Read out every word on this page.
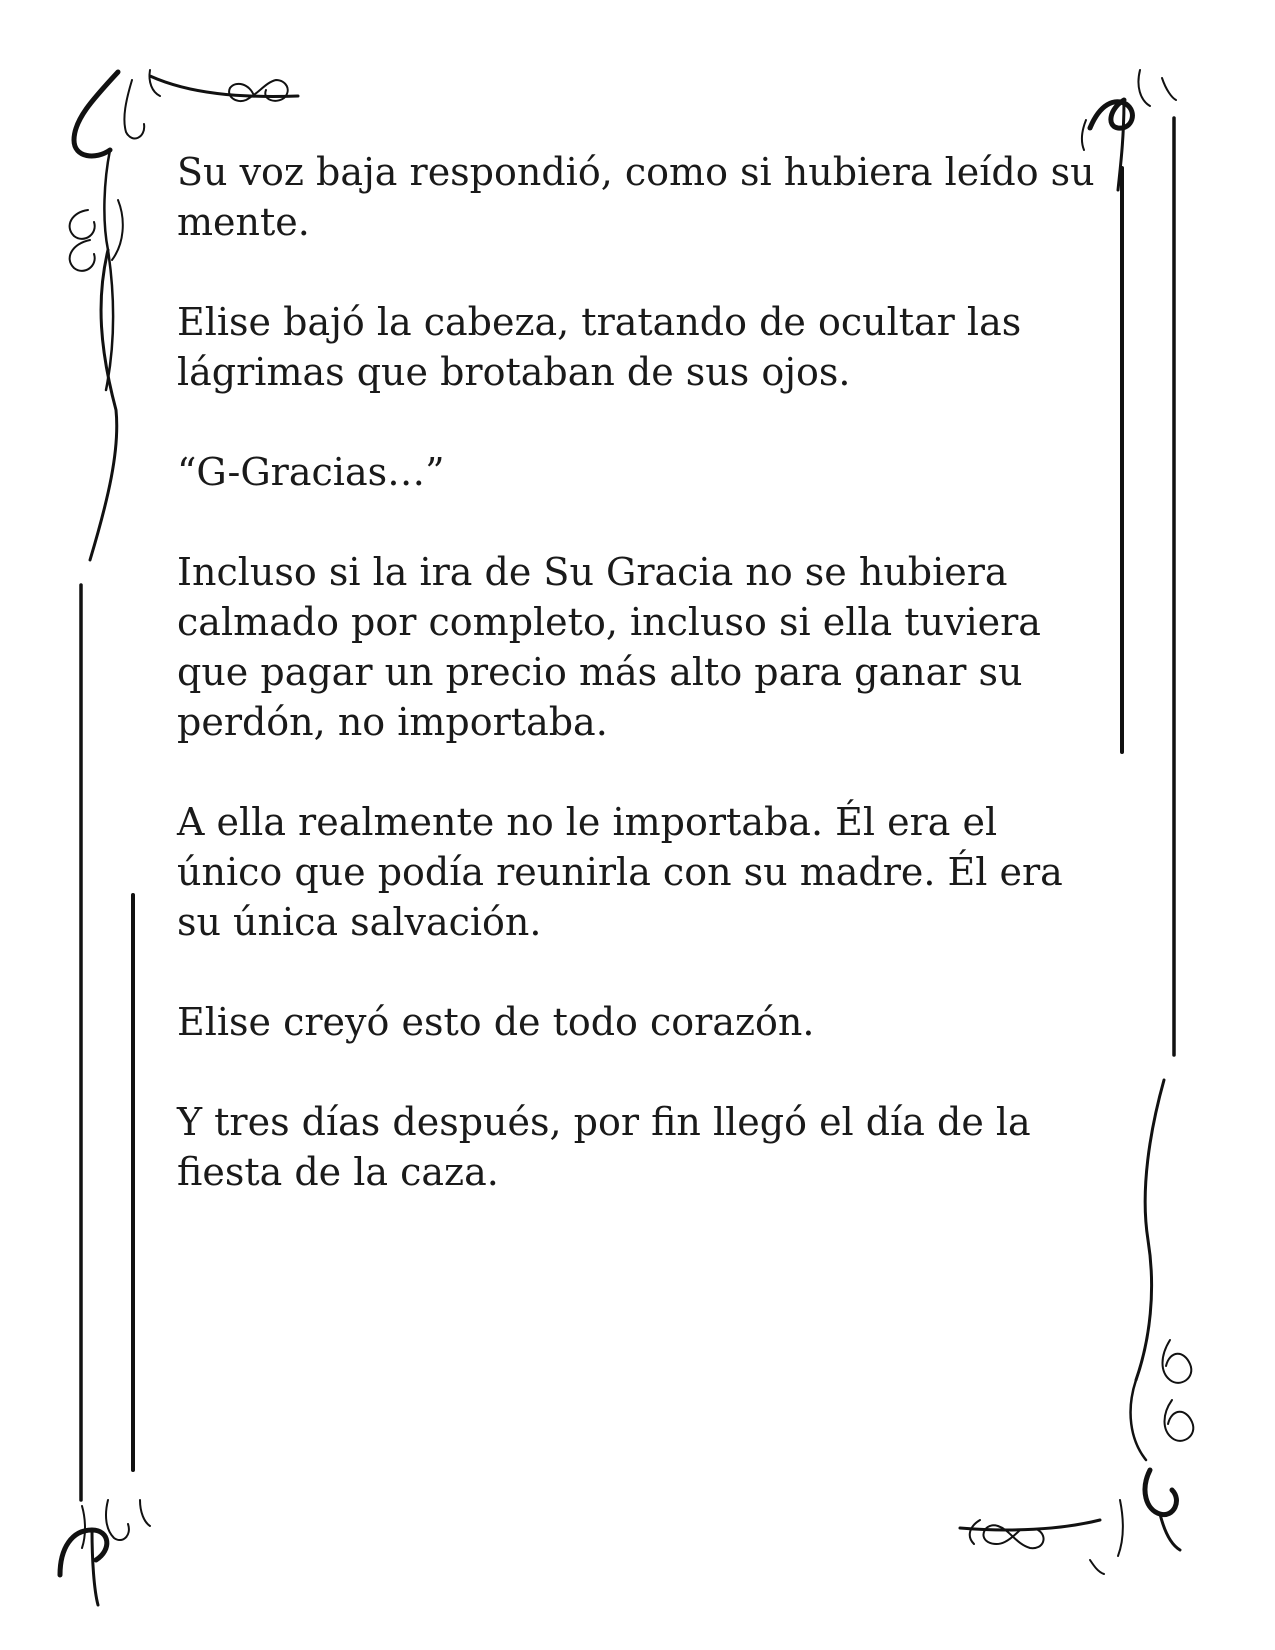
Su voz baja respondió, como si hubiera leído su
mente.

Elise bajó la cabeza, tratando de ocultar las
lágrimas que brotaban de sus ojos.

“G-Gracias…”

Incluso si la ira de Su Gracia no se hubiera
calmado por completo, incluso si ella tuviera
que pagar un precio más alto para ganar su
perdón, no importaba.

A ella realmente no le importaba. Él era el
único que podía reunirla con su madre. Él era
su única salvación.

Elise creyó esto de todo corazón.

Y tres días después, por fin llegó el día de la
fiesta de la caza.
